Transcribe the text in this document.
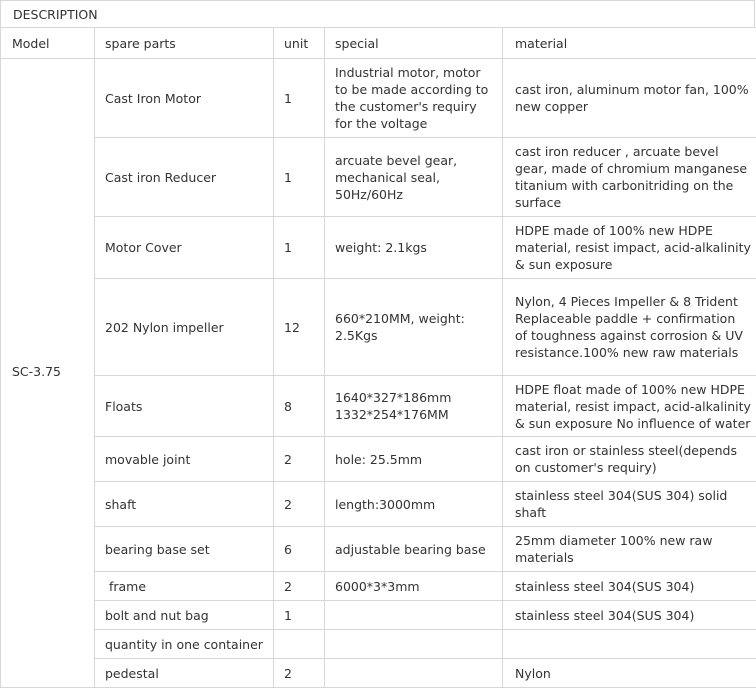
DESCRIPTION
Model	spare parts	unit	special	material
SC-3.75	Cast Iron Motor	1	Industrial motor, motor to be made according to the customer's requiry for the voltage	cast iron, aluminum motor fan, 100% new copper
	Cast iron Reducer	1	arcuate bevel gear, mechanical seal, 50Hz/60Hz	cast iron reducer , arcuate bevel gear, made of chromium manganese titanium with carbonitriding on the surface
	Motor Cover	1	weight: 2.1kgs	HDPE made of 100% new HDPE material, resist impact, acid-alkalinity & sun exposure
	202 Nylon impeller	12	660*210MM, weight: 2.5Kgs	Nylon, 4 Pieces Impeller & 8 Trident Replaceable paddle + confirmation of toughness against corrosion & UV resistance.100% new raw materials
	Floats	8	1640*327*186mm 1332*254*176MM	HDPE float made of 100% new HDPE material, resist impact, acid-alkalinity & sun exposure No influence of water
	movable joint	2	hole: 25.5mm	cast iron or stainless steel(depends on customer's requiry)
	shaft	2	length:3000mm	stainless steel 304(SUS 304) solid shaft
	bearing base set	6	adjustable bearing base	25mm diameter 100% new raw materials
	frame	2	6000*3*3mm	stainless steel 304(SUS 304)
	bolt and nut bag	1		stainless steel 304(SUS 304)
	quantity in one container			
	pedestal	2		Nylon
